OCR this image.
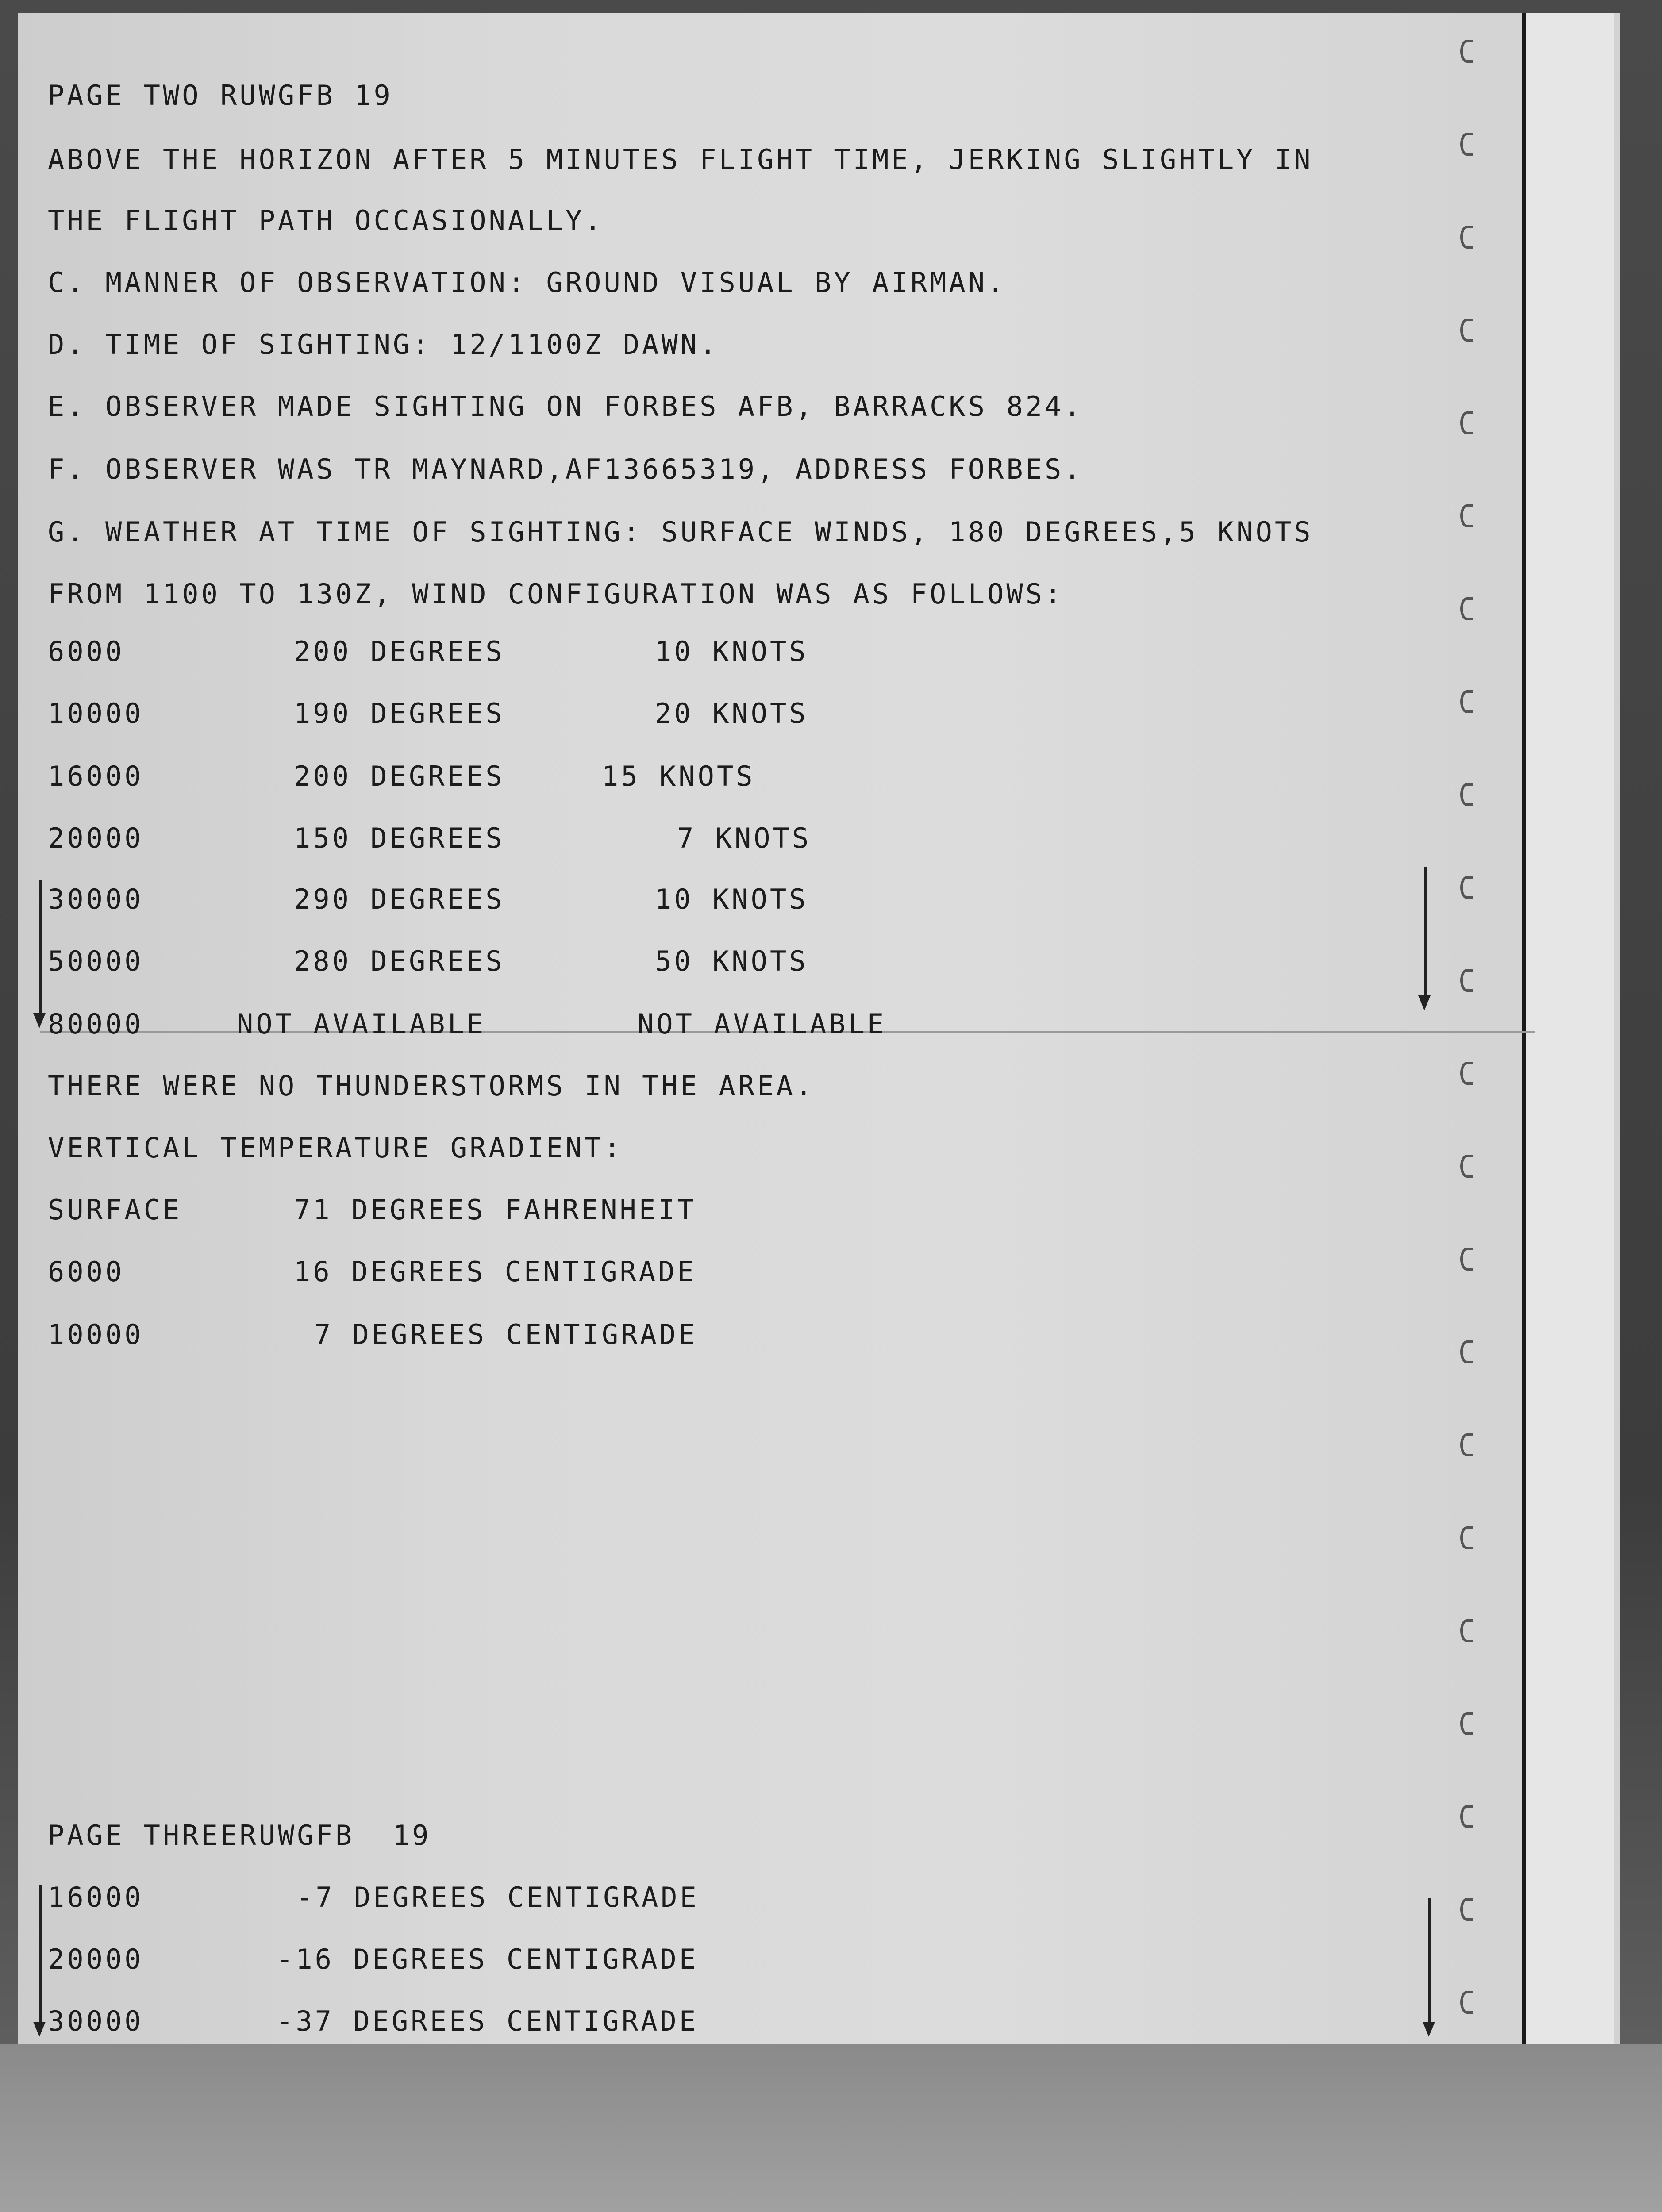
PAGE TWO RUWGFB 19

ABOVE THE HORIZON AFTER 5 MINUTES FLIGHT TIME, JERKING SLIGHTLY IN

THE FLIGHT PATH OCCASIONALLY.

C. MANNER OF OBSERVATION: GROUND VISUAL BY AIRMAN.

D. TIME OF SIGHTING: 12/1100Z DAWN.

E. OBSERVER MADE SIGHTING ON FORBES AFB, BARRACKS 824.

F. OBSERVER WAS TR MAYNARD,AF13665319, ADDRESS FORBES.

G. WEATHER AT TIME OF SIGHTING: SURFACE WINDS, 180 DEGREES,5 KNOTS

FROM 1100 TO 130Z, WIND CONFIGURATION WAS AS FOLLOWS:

6000	200 DEGREES	10 KNOTS

10000	190 DEGREES	20 KNOTS

16000	200 DEGREES	15 KNOTS

20000	150 DEGREES	7 KNOTS

30000	290 DEGREES	10 KNOTS

50000	280 DEGREES	50 KNOTS

80000	NOT AVAILABLE	NOT AVAILABLE

THERE WERE NO THUNDERSTORMS IN THE AREA.

VERTICAL TEMPERATURE GRADIENT:

SURFACE	71 DEGREES FAHRENHEIT

6000	16 DEGREES CENTIGRADE

10000	7 DEGREES CENTIGRADE

PAGE THREERUWGFB  19

16000	-7 DEGREES CENTIGRADE

20000	-16 DEGREES CENTIGRADE

30000	-37 DEGREES CENTIGRADE
